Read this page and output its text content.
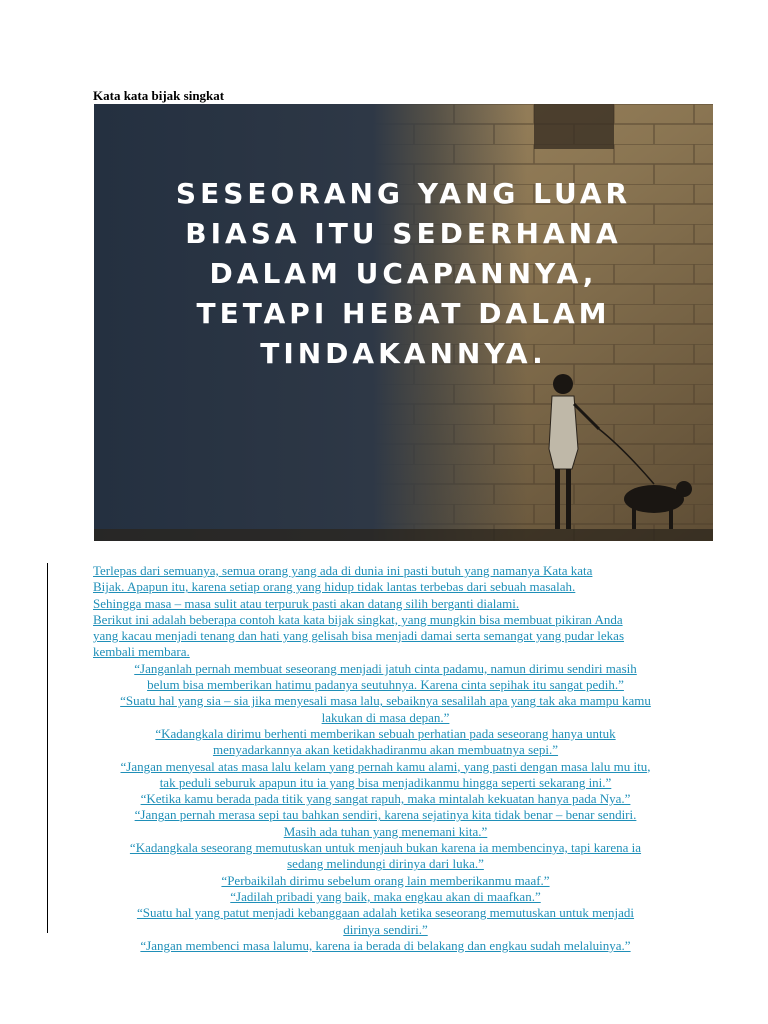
Kata kata bijak singkat
SESEORANG YANG LUAR
BIASA ITU SEDERHANA
DALAM UCAPANNYA,
TETAPI HEBAT DALAM
TINDAKANNYA.

Terlepas dari semuanya, semua orang yang ada di dunia ini pasti butuh yang namanya Kata kata

Bijak. Apapun itu, karena setiap orang yang hidup tidak lantas terbebas dari sebuah masalah.

Sehingga masa – masa sulit atau terpuruk pasti akan datang silih berganti dialami.

Berikut ini adalah beberapa contoh kata kata bijak singkat, yang mungkin bisa membuat pikiran Anda

yang kacau menjadi tenang dan hati yang gelisah bisa menjadi damai serta semangat yang pudar lekas

kembali membara.

“Janganlah pernah membuat seseorang menjadi jatuh cinta padamu, namun dirimu sendiri masih

belum bisa memberikan hatimu padanya seutuhnya. Karena cinta sepihak itu sangat pedih.”

“Suatu hal yang sia – sia jika menyesali masa lalu, sebaiknya sesalilah apa yang tak aka mampu kamu

lakukan di masa depan.”

“Kadangkala dirimu berhenti memberikan sebuah perhatian pada seseorang hanya untuk

menyadarkannya akan ketidakhadiranmu akan membuatnya sepi.”

“Jangan menyesal atas masa lalu kelam yang pernah kamu alami, yang pasti dengan masa lalu mu itu,

tak peduli seburuk apapun itu ia yang bisa menjadikanmu hingga seperti sekarang ini.”

“Ketika kamu berada pada titik yang sangat rapuh, maka mintalah kekuatan hanya pada Nya.”

“Jangan pernah merasa sepi tau bahkan sendiri, karena sejatinya kita tidak benar – benar sendiri.

Masih ada tuhan yang menemani kita.”

“Kadangkala seseorang memutuskan untuk menjauh bukan karena ia membencinya, tapi karena ia

sedang melindungi dirinya dari luka.”

“Perbaikilah dirimu sebelum orang lain memberikanmu maaf.”

“Jadilah pribadi yang baik, maka engkau akan di maafkan.”

“Suatu hal yang patut menjadi kebanggaan adalah ketika seseorang memutuskan untuk menjadi

dirinya sendiri.”

“Jangan membenci masa lalumu, karena ia berada di belakang dan engkau sudah melaluinya.”
